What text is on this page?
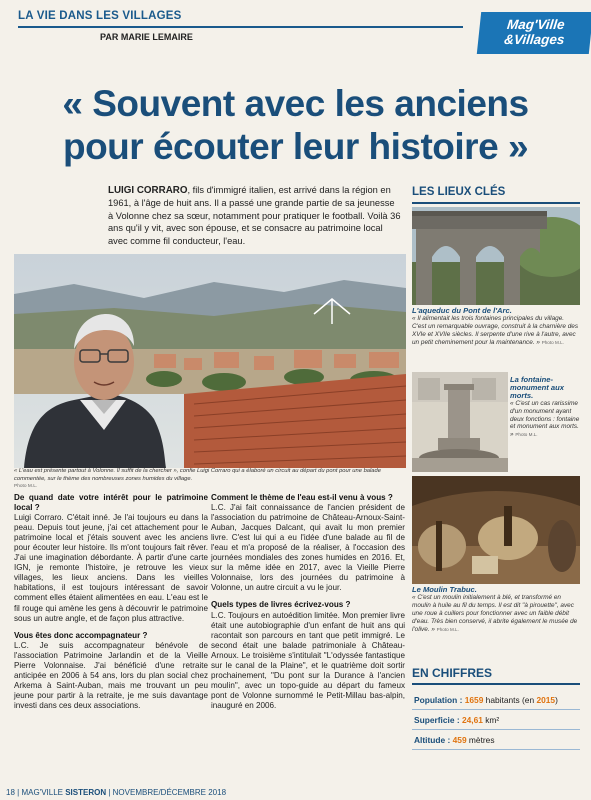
LA VIE DANS LES VILLAGES
PAR MARIE LEMAIRE
Mag'Ville
&Villages
« Souvent avec les anciens
pour écouter leur histoire »
LUIGI CORRARO, fils d'immigré italien, est arrivé dans la région en 1961, à l'âge de huit ans. Il a passé une grande partie de sa jeunesse à Volonne chez sa sœur, notamment pour pratiquer le football. Voilà 36 ans qu'il y vit, avec son épouse, et se consacre au patrimoine local avec comme fil conducteur, l'eau.
« L'eau est présente partout à Volonne. Il suffit de la chercher », confie Luigi Corraro qui a élaboré un circuit au départ du pont pour une balade commentée, sur le thème des nombreuses zones humides du village.
Photo M.L.
De quand date votre intérêt pour le patrimoine local ?

Luigi Corraro. C'était inné. Je l'ai toujours eu dans la peau. Depuis tout jeune, j'ai cet attachement pour le patrimoine local et j'étais souvent avec les anciens pour écouter leur histoire. Ils m'ont toujours fait rêver. J'ai une imagination débordante. À partir d'une carte IGN, je remonte l'histoire, je retrouve les vieux villages, les lieux anciens. Dans les vieilles habitations, il est toujours intéressant de savoir comment elles étaient alimentées en eau. L'eau est le fil rouge qui amène les gens à découvrir le patrimoine sous un autre angle, et de façon plus attractive.

Vous êtes donc accompagnateur ?

L.C. Je suis accompagnateur bénévole de l'association Patrimoine Jarlandin et de la Vieille Pierre Volonnaise. J'ai bénéficié d'une retraite anticipée en 2006 à 54 ans, lors du plan social chez Arkema à Saint-Auban, mais me trouvant un peu jeune pour partir à la retraite, je me suis davantage investi dans ces deux associations.

Comment le thème de l'eau est-il venu à vous ?

L.C. J'ai fait connaissance de l'ancien président de l'association du patrimoine de Château-Arnoux-Saint-Auban, Jacques Dalcant, qui avait lu mon premier livre. C'est lui qui a eu l'idée d'une balade au fil de l'eau et m'a proposé de la réaliser, à l'occasion des journées mondiales des zones humides en 2016. Et, sur la même idée en 2017, avec la Vieille Pierre Volonnaise, lors des journées du patrimoine à Volonne, un autre circuit a vu le jour.

Quels types de livres écrivez-vous ?

L.C. Toujours en autoédition limitée. Mon premier livre était une autobiographie d'un enfant de huit ans qui racontait son parcours en tant que petit immigré. Le second était une balade patrimoniale à Château-Arnoux. Le troisième s'intitulait "L'odyssée fantastique sur le canal de la Plaine", et le quatrième doit sortir prochainement, "Du pont sur la Durance à l'ancien moulin", avec un topo-guide au départ du fameux pont de Volonne surnommé le Petit-Millau bas-alpin, inauguré en 2006.

LES LIEUX CLÉS
L'aqueduc du Pont de l'Arc.
« Il alimentait les trois fontaines principales du village. C'est un remarquable ouvrage, construit à la charnière des XVIe et XVIIe siècles. Il serpente d'une rive à l'autre, avec un petit cheminement pour la maintenance. » Photo M.L.
La fontaine-monument aux morts.
« C'est un cas rarissime d'un monument ayant deux fonctions : fontaine et monument aux morts. » Photo M.L.
Le Moulin Trabuc.
« C'est un moulin initialement à blé, et transformé en moulin à huile au fil du temps. Il est dit "à pirouette", avec une roue à cuillers pour fonctionner avec un faible débit d'eau. Très bien conservé, il abrite également le musée de l'olive. » Photo M.L.
EN CHIFFRES
Population : 1659 habitants (en 2015)
Superficie : 24,61 km²
Altitude : 459 mètres
18 | MAG'VILLE SISTERON | NOVEMBRE/DÉCEMBRE 2018
